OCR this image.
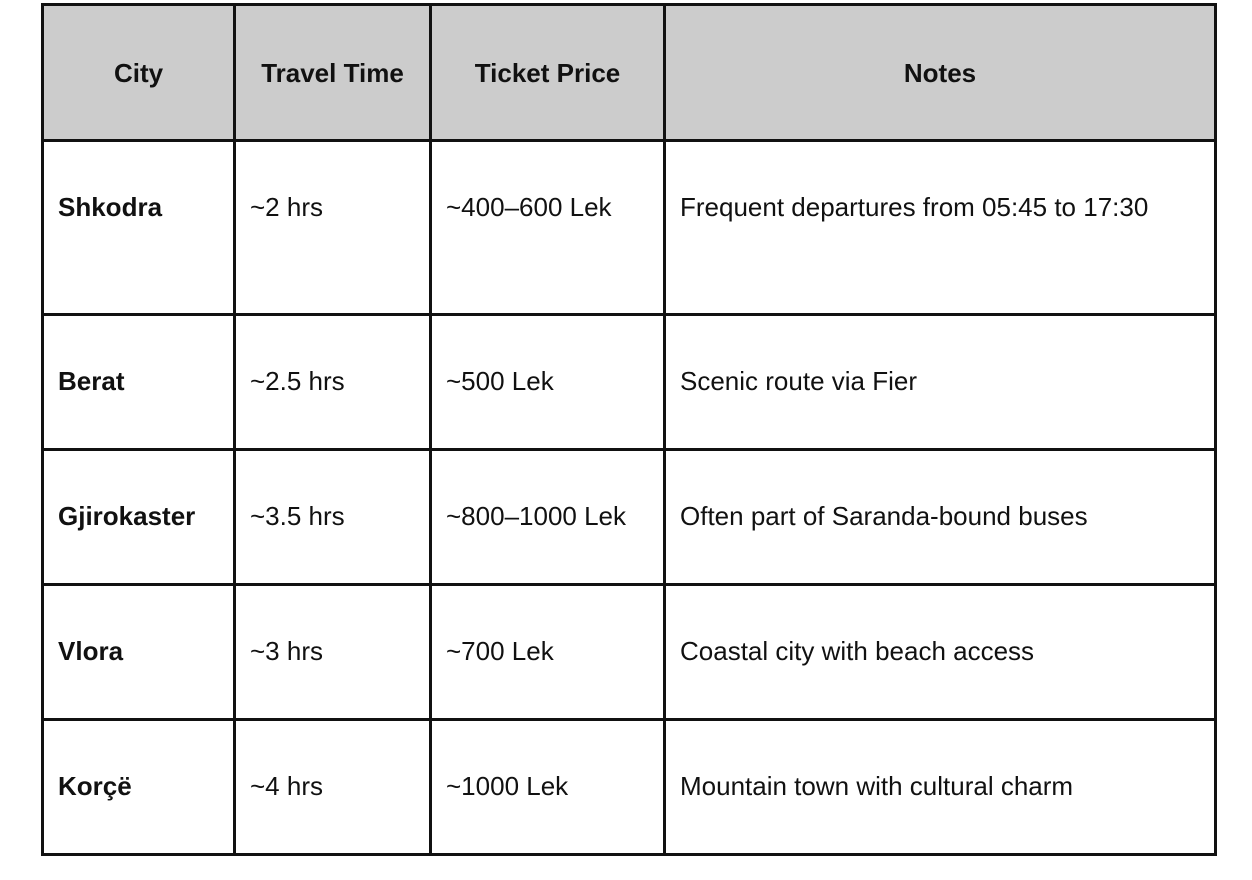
City	Travel Time	Ticket Price	Notes
Shkodra	~2 hrs	~400–600 Lek	Frequent departures from 05:45 to 17:30
Berat	~2.5 hrs	~500 Lek	Scenic route via Fier
Gjirokaster	~3.5 hrs	~800–1000 Lek	Often part of Saranda-bound buses
Vlora	~3 hrs	~700 Lek	Coastal city with beach access
Korçë	~4 hrs	~1000 Lek	Mountain town with cultural charm
